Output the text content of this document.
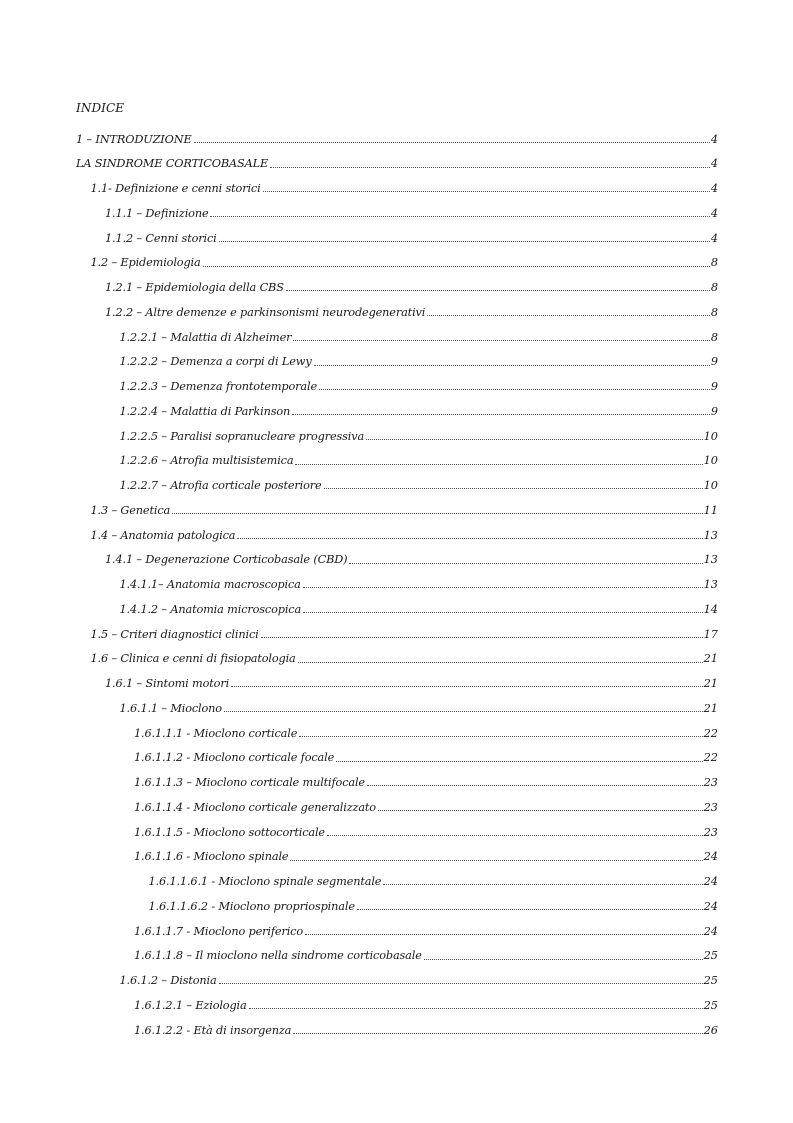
INDICE
1 – INTRODUZIONE	4
LA SINDROME CORTICOBASALE	4
1.1- Definizione e cenni storici	4
1.1.1 – Definizione	4
1.1.2 – Cenni storici	4
1.2 – Epidemiologia	8
1.2.1 – Epidemiologia della CBS	8
1.2.2 – Altre demenze e parkinsonismi neurodegenerativi	8
1.2.2.1 – Malattia di Alzheimer	8
1.2.2.2 – Demenza a corpi di Lewy	9
1.2.2.3 – Demenza frontotemporale	9
1.2.2.4 – Malattia di Parkinson	9
1.2.2.5 – Paralisi sopranucleare progressiva	10
1.2.2.6 – Atrofia multisistemica	10
1.2.2.7 – Atrofia corticale posteriore	10
1.3 – Genetica	11
1.4 – Anatomia patologica	13
1.4.1 – Degenerazione Corticobasale (CBD)	13
1.4.1.1– Anatomia macroscopica	13
1.4.1.2 – Anatomia microscopica	14
1.5 – Criteri diagnostici clinici	17
1.6 – Clinica e cenni di fisiopatologia	21
1.6.1 – Sintomi motori	21
1.6.1.1 – Mioclono	21
1.6.1.1.1 - Mioclono corticale	22
1.6.1.1.2 - Mioclono corticale focale	22
1.6.1.1.3 – Mioclono corticale multifocale	23
1.6.1.1.4 - Mioclono corticale generalizzato	23
1.6.1.1.5 - Mioclono sottocorticale	23
1.6.1.1.6 - Mioclono spinale	24
1.6.1.1.6.1 - Mioclono spinale segmentale	24
1.6.1.1.6.2 - Mioclono propriospinale	24
1.6.1.1.7 - Mioclono periferico	24
1.6.1.1.8 – Il mioclono nella sindrome corticobasale	25
1.6.1.2 – Distonia	25
1.6.1.2.1 – Eziologia	25
1.6.1.2.2 - Età di insorgenza	26
